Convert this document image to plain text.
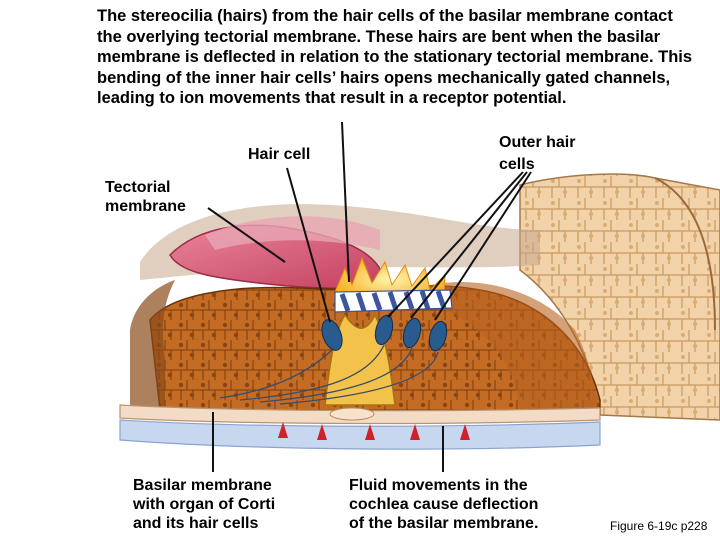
The stereocilia (hairs) from the hair cells of the basilar membrane contact the overlying tectorial membrane. These hairs are bent when the basilar membrane is deflected in relation to the stationary tectorial membrane. This bending of the inner hair cells’ hairs opens mechanically gated channels, leading to ion movements that result in a receptor potential.
Hair cell
Outer hair
cells
Tectorial
membrane
Basilar membrane
with organ of Corti
and its hair cells
Fluid movements in the
cochlea cause deflection
of the basilar membrane.	Figure 6-19c p228
